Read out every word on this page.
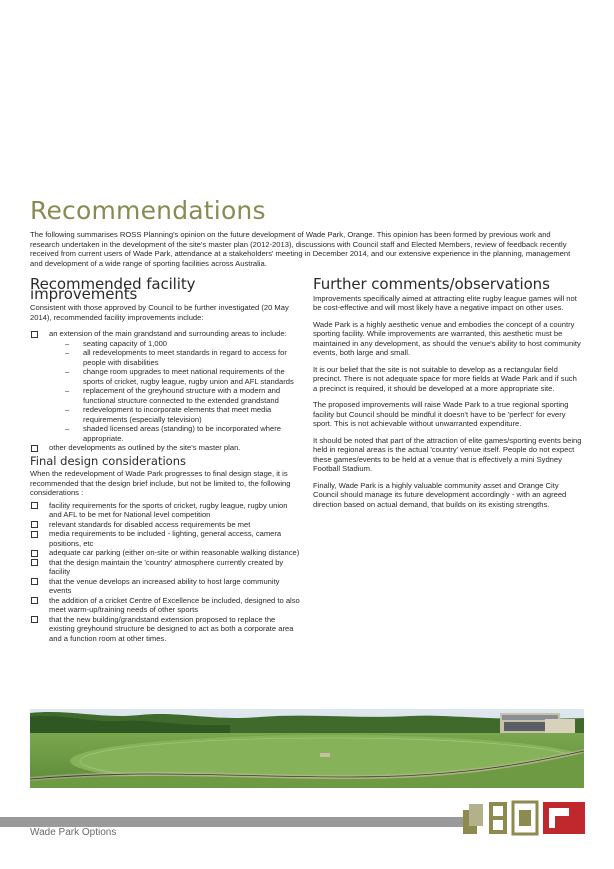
Recommendations
The following summarises ROSS Planning's opinion on the future development of Wade Park, Orange. This opinion has been formed by previous work and research undertaken in the development of the site's master plan (2012-2013), discussions with Council staff and Elected Members, review of feedback recently received from current users of Wade Park, attendance at a stakeholders' meeting in December 2014, and our extensive experience in the planning, management and development of a wide range of sporting facilities across Australia.
Recommended facility improvements

Consistent with those approved by Council to be further investigated (20 May 2014), recommended facility improvements include:

an extension of the main grandstand and surrounding areas to include:
– seating capacity of 1,000
– all redevelopments to meet standards in regard to access for people with disabilities
– change room upgrades to meet national requirements of the sports of cricket, rugby league, rugby union and AFL standards
– replacement of the greyhound structure with a modern and functional structure connected to the extended grandstand
– redevelopment to incorporate elements that meet media requirements (especially television)
– shaded licensed areas (standing) to be incorporated where appropriate.
other developments as outlined by the site's master plan.
Final design considerations

When the redevelopment of Wade Park progresses to final design stage, it is recommended that the design brief include, but not be limited to, the following considerations :

facility requirements for the sports of cricket, rugby league, rugby union and AFL to be met for National level competition
relevant standards for disabled access requirements be met
media requirements to be included - lighting, general access, camera positions, etc
adequate car parking (either on-site or within reasonable walking distance)
that the design maintain the 'country' atmosphere currently created by facility
that the venue develops an increased ability to host large community events
the addition of a cricket Centre of Excellence be included, designed to also meet warm-up/training needs of other sports
that the new building/grandstand extension proposed to replace the existing greyhound structure be designed to act as both a corporate area and a function room at other times.
Further comments/observations

Improvements specifically aimed at attracting elite rugby league games will not be cost-effective and will most likely have a negative impact on other uses.

Wade Park is a highly aesthetic venue and embodies the concept of a country sporting facility. While improvements are warranted, this aesthetic must be maintained in any development, as should the venue's ability to host community events, both large and small.

It is our belief that the site is not suitable to develop as a rectangular field precinct. There is not adequate space for more fields at Wade Park and if such a precinct is required, it should be developed at a more appropriate site.

The proposed improvements will raise Wade Park to a true regional sporting facility but Council should be mindful it doesn't have to be 'perfect' for every sport. This is not achievable without unwarranted expenditure.

It should be noted that part of the attraction of elite games/sporting events being held in regional areas is the actual 'country' venue itself. People do not expect these games/events to be held at a venue that is effectively a mini Sydney Football Stadium.

Finally, Wade Park is a highly valuable community asset and Orange City Council should manage its future development accordingly - with an agreed direction based on actual demand, that builds on its existing strengths.

Wade Park Options
